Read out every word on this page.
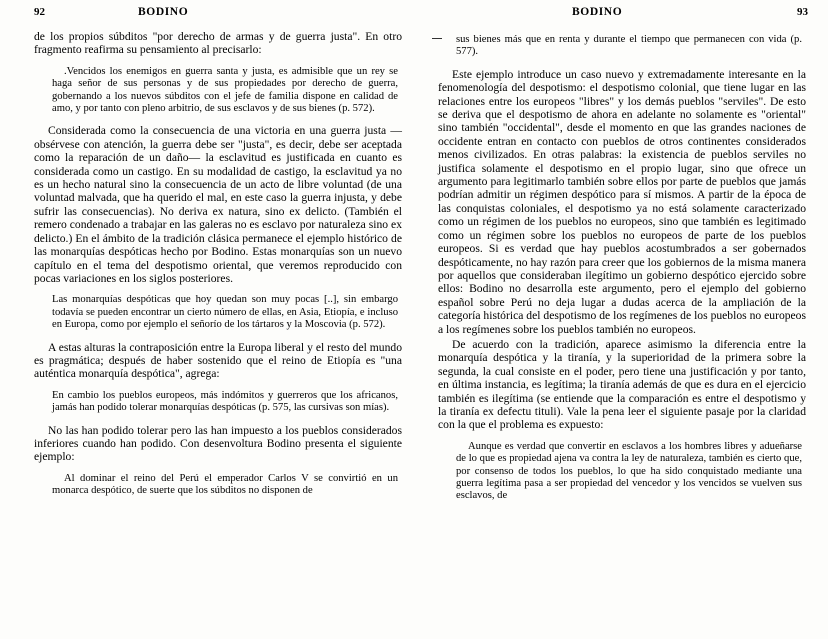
92	BODINO

de los propios súbditos "por derecho de armas y de guerra justa". En otro fragmento reafirma su pensamiento al precisarlo:

.Vencidos los enemigos en guerra santa y justa, es admisible que un rey se haga señor de sus personas y de sus propiedades por derecho de guerra, gobernando a los nuevos súbditos con el jefe de familia dispone en calidad de amo, y por tanto con pleno arbitrio, de sus esclavos y de sus bienes (p. 572).

Considerada como la consecuencia de una victoria en una guerra justa —obsérvese con atención, la guerra debe ser "justa", es decir, debe ser aceptada como la reparación de un daño— la esclavitud es justificada en cuanto es considerada como un castigo. En su modalidad de castigo, la esclavitud ya no es un hecho natural sino la consecuencia de un acto de libre voluntad (de una voluntad malvada, que ha querido el mal, en este caso la guerra injusta, y debe sufrir las consecuencias). No deriva ex natura, sino ex delicto. (También el remero condenado a trabajar en las galeras no es esclavo por naturaleza sino ex delicto.) En el ámbito de la tradición clásica permanece el ejemplo histórico de las monarquías despóticas hecho por Bodino. Estas monarquías son un nuevo capítulo en el tema del despotismo oriental, que veremos reproducido con pocas variaciones en los siglos posteriores.

Las monarquías despóticas que hoy quedan son muy pocas [..], sin embargo todavía se pueden encontrar un cierto número de ellas, en Asia, Etiopía, e incluso en Europa, como por ejemplo el señorío de los tártaros y la Moscovia (p. 572).

A estas alturas la contraposición entre la Europa liberal y el resto del mundo es pragmática; después de haber sostenido que el reino de Etiopía es "una auténtica monarquía despótica", agrega:

En cambio los pueblos europeos, más indómitos y guerreros que los africanos, jamás han podido tolerar monarquías despóticas (p. 575, las cursivas son mías).

No las han podido tolerar pero las han impuesto a los pueblos considerados inferiores cuando han podido. Con desenvoltura Bodino presenta el siguiente ejemplo:

Al dominar el reino del Perú el emperador Carlos V se convirtió en un monarca despótico, de suerte que los súbditos no disponen de

BODINO	93

sus bienes más que en renta y durante el tiempo que permanecen con vida (p. 577).

Este ejemplo introduce un caso nuevo y extremadamente interesante en la fenomenología del despotismo: el despotismo colonial, que tiene lugar en las relaciones entre los europeos "libres" y los demás pueblos "serviles". De esto se deriva que el despotismo de ahora en adelante no solamente es "oriental" sino también "occidental", desde el momento en que las grandes naciones de occidente entran en contacto con pueblos de otros continentes considerados menos civilizados. En otras palabras: la existencia de pueblos serviles no justifica solamente el despotismo en el propio lugar, sino que ofrece un argumento para legitimarlo también sobre ellos por parte de pueblos que jamás podrían admitir un régimen despótico para sí mismos. A partir de la época de las conquistas coloniales, el despotismo ya no está solamente caracterizado como un régimen de los pueblos no europeos, sino que también es legitimado como un régimen sobre los pueblos no europeos de parte de los pueblos europeos. Si es verdad que hay pueblos acostumbrados a ser gobernados despóticamente, no hay razón para creer que los gobiernos de la misma manera por aquellos que consideraban ilegítimo un gobierno despótico ejercido sobre ellos: Bodino no desarrolla este argumento, pero el ejemplo del gobierno español sobre Perú no deja lugar a dudas acerca de la ampliación de la categoría histórica del despotismo de los regímenes de los pueblos no europeos a los regímenes sobre los pueblos también no europeos.

De acuerdo con la tradición, aparece asimismo la diferencia entre la monarquía despótica y la tiranía, y la superioridad de la primera sobre la segunda, la cual consiste en el poder, pero tiene una justificación y por tanto, en última instancia, es legítima; la tiranía además de que es dura en el ejercicio también es ilegítima (se entiende que la comparación es entre el despotismo y la tiranía ex defectu tituli). Vale la pena leer el siguiente pasaje por la claridad con la que el problema es expuesto:

Aunque es verdad que convertir en esclavos a los hombres libres y adueñarse de lo que es propiedad ajena va contra la ley de naturaleza, también es cierto que, por consenso de todos los pueblos, lo que ha sido conquistado mediante una guerra legítima pasa a ser propiedad del vencedor y los vencidos se vuelven sus esclavos, de
